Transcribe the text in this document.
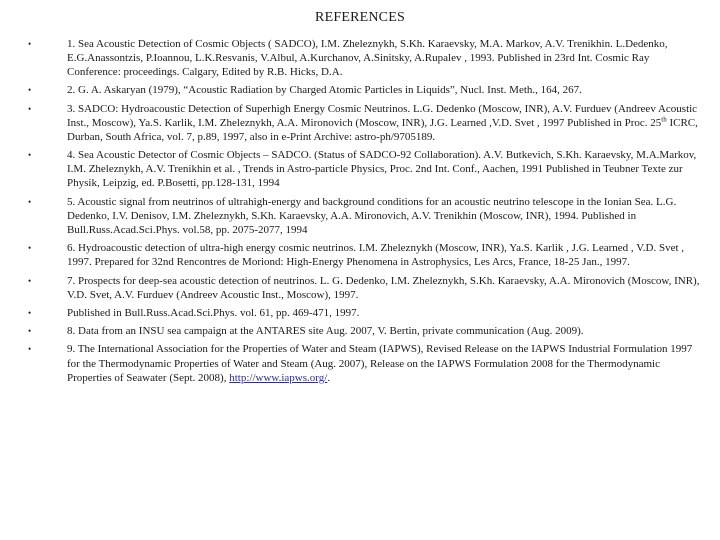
REFERENCES
•	1. Sea Acoustic Detection of Cosmic Objects ( SADCO), I.M. Zheleznykh, S.Kh. Karaevsky, M.A. Markov, A.V. Trenikhin. L.Dedenko, E.G.Anassontzis, P.Ioannou, L.K.Resvanis, V.Albul, A.Kurchanov, A.Sinitsky, A.Rupalev , 1993. Published in 23rd Int. Cosmic Ray Conference: proceedings. Calgary, Edited by R.B. Hicks, D.A.
•	2. G. A. Askaryan (1979), “Acoustic Radiation by Charged Atomic Particles in Liquids”, Nucl. Inst. Meth., 164, 267.
•	3. SADCO: Hydroacoustic Detection of Superhigh Energy Cosmic Neutrinos. L.G. Dedenko (Moscow, INR), A.V. Furduev (Andreev Acoustic Inst., Moscow), Ya.S. Karlik, I.M. Zheleznykh, A.A. Mironovich (Moscow, INR), J.G. Learned ,V.D. Svet , 1997 Published in Proc. 25th ICRC, Durban, South Africa, vol. 7, p.89, 1997, also in e-Print Archive: astro-ph/9705189.
•	4. Sea Acoustic Detector of Cosmic Objects – SADCO. (Status of SADCO-92 Collaboration). A.V. Butkevich, S.Kh. Karaevsky, M.A.Markov, I.M. Zheleznykh, A.V. Trenikhin et al. , Trends in Astro-particle Physics, Proc. 2nd Int. Conf., Aachen, 1991 Published in Teubner Texte zur Physik, Leipzig, ed. P.Bosetti, pp.128-131, 1994
•	5. Acoustic signal from neutrinos of ultrahigh-energy and background conditions for an acoustic neutrino telescope in the Ionian Sea. L.G. Dedenko, I.V. Denisov, I.M. Zheleznykh, S.Kh. Karaevsky, A.A. Mironovich, A.V. Trenikhin (Moscow, INR), 1994. Published in Bull.Russ.Acad.Sci.Phys. vol.58, pp. 2075-2077, 1994
•	6. Hydroacoustic detection of ultra-high energy cosmic neutrinos. I.M. Zheleznykh (Moscow, INR), Ya.S. Karlik , J.G. Learned , V.D. Svet , 1997. Prepared for 32nd Rencontres de Moriond: High-Energy Phenomena in Astrophysics, Les Arcs, France, 18-25 Jan., 1997.
•	7. Prospects for deep-sea acoustic detection of neutrinos. L. G. Dedenko, I.M. Zheleznykh, S.Kh. Karaevsky, A.A. Mironovich (Moscow, INR), V.D. Svet, A.V. Furduev (Andreev Acoustic Inst., Moscow), 1997.
•	Published in Bull.Russ.Acad.Sci.Phys. vol. 61, pp. 469-471, 1997.
•	8. Data from an INSU sea campaign at the ANTARES site Aug. 2007, V. Bertin, private communication (Aug. 2009).
•	9. The International Association for the Properties of Water and Steam (IAPWS), Revised Release on the IAPWS Industrial Formulation 1997 for the Thermodynamic Properties of Water and Steam (Aug. 2007), Release on the IAPWS Formulation 2008 for the Thermodynamic Properties of Seawater (Sept. 2008), http://www.iapws.org/.
